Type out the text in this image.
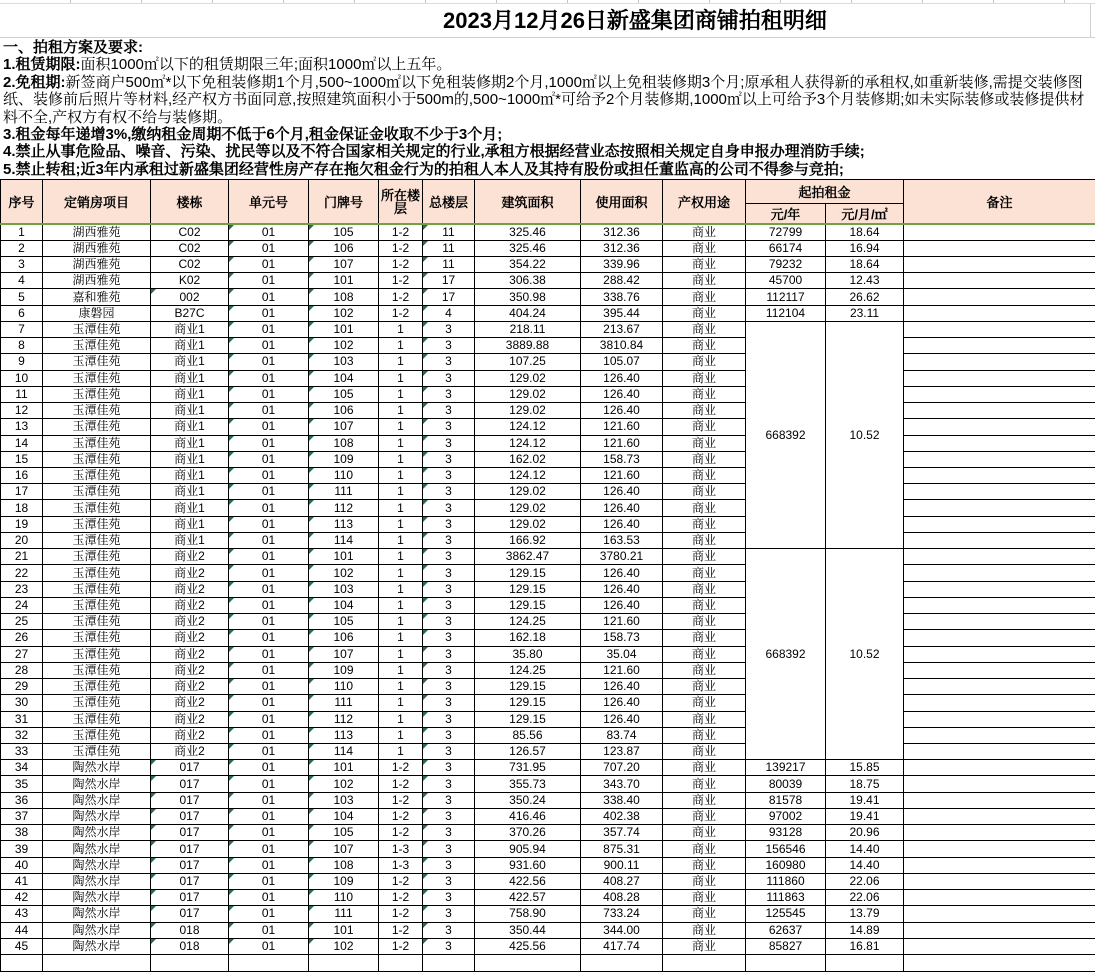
2023月12月26日新盛集团商铺拍租明细
一、拍租方案及要求:
1.租赁期限:面积1000㎡以下的租赁期限三年;面积1000㎡以上五年。
2.免租期:新签商户500㎡*以下免租装修期1个月,500~1000㎡以下免租装修期2个月,1000㎡以上免租装修期3个月;原承租人获得新的承租权,如重新装修,需提交装修图纸、装修前后照片等材料,经产权方书面同意,按照建筑面积小于500m的,500~1000㎡*可给予2个月装修期,1000㎡以上可给予3个月装修期;如未实际装修或装修提供材料不全,产权方有权不给与装修期。
3.租金每年递增3%,缴纳租金周期不低于6个月,租金保证金收取不少于3个月;
4.禁止从事危险品、噪音、污染、扰民等以及不符合国家相关规定的行业,承租方根据经营业态按照相关规定自身申报办理消防手续;
5.禁止转租;近3年内承租过新盛集团经营性房产存在拖欠租金行为的拍租人本人及其持有股份或担任董监高的公司不得参与竞拍;
序号	定销房项目	楼栋	单元号	门牌号	所在楼层	总楼层	建筑面积	使用面积	产权用途	起拍租金		备注
										元/年	元/月/㎡	
1	湖西雅苑	C02	01	105	1-2	11	325.46	312.36	商业	72799	18.64	
2	湖西雅苑	C02	01	106	1-2	11	325.46	312.36	商业	66174	16.94	
3	湖西雅苑	C02	01	107	1-2	11	354.22	339.96	商业	79232	18.64	
4	湖西雅苑	K02	01	101	1-2	17	306.38	288.42	商业	45700	12.43	
5	嘉和雅苑	002	01	108	1-2	17	350.98	338.76	商业	112117	26.62	
6	康磐园	B27C	01	102	1-2	4	404.24	395.44	商业	112104	23.11	
7	玉潭佳苑	商业1	01	101	1	3	218.11	213.67	商业	668392	10.52	
8	玉潭佳苑	商业1	01	102	1	3	3889.88	3810.84	商业			
9	玉潭佳苑	商业1	01	103	1	3	107.25	105.07	商业			
10	玉潭佳苑	商业1	01	104	1	3	129.02	126.40	商业			
11	玉潭佳苑	商业1	01	105	1	3	129.02	126.40	商业			
12	玉潭佳苑	商业1	01	106	1	3	129.02	126.40	商业			
13	玉潭佳苑	商业1	01	107	1	3	124.12	121.60	商业			
14	玉潭佳苑	商业1	01	108	1	3	124.12	121.60	商业			
15	玉潭佳苑	商业1	01	109	1	3	162.02	158.73	商业			
16	玉潭佳苑	商业1	01	110	1	3	124.12	121.60	商业			
17	玉潭佳苑	商业1	01	111	1	3	129.02	126.40	商业			
18	玉潭佳苑	商业1	01	112	1	3	129.02	126.40	商业			
19	玉潭佳苑	商业1	01	113	1	3	129.02	126.40	商业			
20	玉潭佳苑	商业1	01	114	1	3	166.92	163.53	商业			
21	玉潭佳苑	商业2	01	101	1	3	3862.47	3780.21	商业	668392	10.52	
22	玉潭佳苑	商业2	01	102	1	3	129.15	126.40	商业			
23	玉潭佳苑	商业2	01	103	1	3	129.15	126.40	商业			
24	玉潭佳苑	商业2	01	104	1	3	129.15	126.40	商业			
25	玉潭佳苑	商业2	01	105	1	3	124.25	121.60	商业			
26	玉潭佳苑	商业2	01	106	1	3	162.18	158.73	商业			
27	玉潭佳苑	商业2	01	107	1	3	35.80	35.04	商业			
28	玉潭佳苑	商业2	01	109	1	3	124.25	121.60	商业			
29	玉潭佳苑	商业2	01	110	1	3	129.15	126.40	商业			
30	玉潭佳苑	商业2	01	111	1	3	129.15	126.40	商业			
31	玉潭佳苑	商业2	01	112	1	3	129.15	126.40	商业			
32	玉潭佳苑	商业2	01	113	1	3	85.56	83.74	商业			
33	玉潭佳苑	商业2	01	114	1	3	126.57	123.87	商业			
34	陶然水岸	017	01	101	1-2	3	731.95	707.20	商业	139217	15.85	
35	陶然水岸	017	01	102	1-2	3	355.73	343.70	商业	80039	18.75	
36	陶然水岸	017	01	103	1-2	3	350.24	338.40	商业	81578	19.41	
37	陶然水岸	017	01	104	1-2	3	416.46	402.38	商业	97002	19.41	
38	陶然水岸	017	01	105	1-2	3	370.26	357.74	商业	93128	20.96	
39	陶然水岸	017	01	107	1-3	3	905.94	875.31	商业	156546	14.40	
40	陶然水岸	017	01	108	1-3	3	931.60	900.11	商业	160980	14.40	
41	陶然水岸	017	01	109	1-2	3	422.56	408.27	商业	111860	22.06	
42	陶然水岸	017	01	110	1-2	3	422.57	408.28	商业	111863	22.06	
43	陶然水岸	017	01	111	1-2	3	758.90	733.24	商业	125545	13.79	
44	陶然水岸	018	01	101	1-2	3	350.44	344.00	商业	62637	14.89	
45	陶然水岸	018	01	102	1-2	3	425.56	417.74	商业	85827	16.81	
